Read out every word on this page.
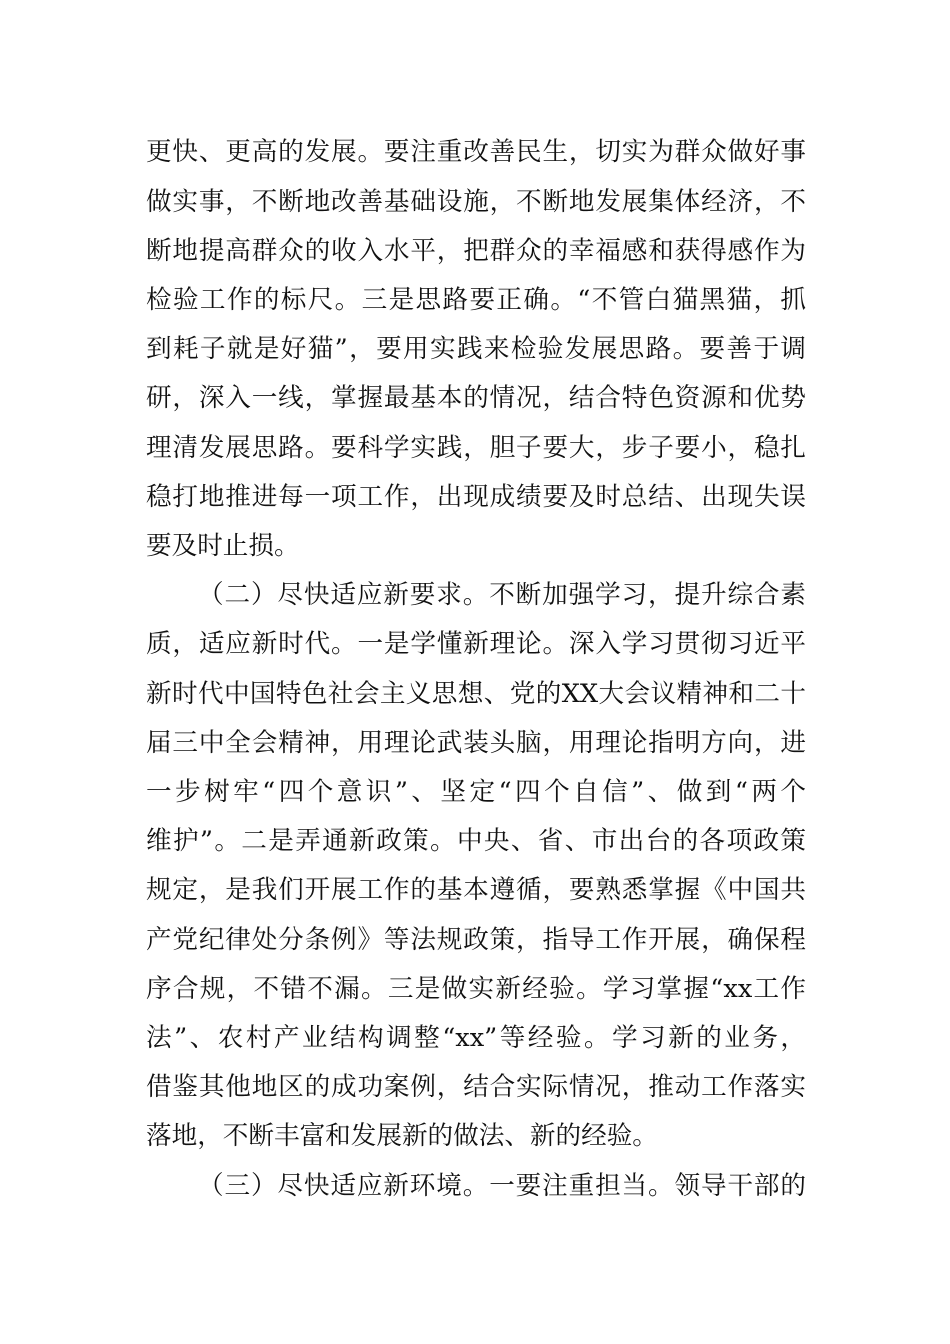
更快、更高的发展。要注重改善民生，切实为群众做好事
做实事，不断地改善基础设施，不断地发展集体经济，不
断地提高群众的收入水平，把群众的幸福感和获得感作为
检验工作的标尺。三是思路要正确。“不管白猫黑猫，抓
到耗子就是好猫”，要用实践来检验发展思路。要善于调
研，深入一线，掌握最基本的情况，结合特色资源和优势
理清发展思路。要科学实践，胆子要大，步子要小，稳扎
稳打地推进每一项工作，出现成绩要及时总结、出现失误
要及时止损。
（二）尽快适应新要求。不断加强学习，提升综合素
质，适应新时代。一是学懂新理论。深入学习贯彻习近平
新时代中国特色社会主义思想、党的XX大会议精神和二十
届三中全会精神，用理论武装头脑，用理论指明方向，进
一步树牢“四个意识”、坚定“四个自信”、做到“两个
维护”。二是弄通新政策。中央、省、市出台的各项政策
规定，是我们开展工作的基本遵循，要熟悉掌握《中国共
产党纪律处分条例》等法规政策，指导工作开展，确保程
序合规，不错不漏。三是做实新经验。学习掌握“xx工作
法”、农村产业结构调整“xx”等经验。学习新的业务，
借鉴其他地区的成功案例，结合实际情况，推动工作落实
落地，不断丰富和发展新的做法、新的经验。
（三）尽快适应新环境。一要注重担当。领导干部的
